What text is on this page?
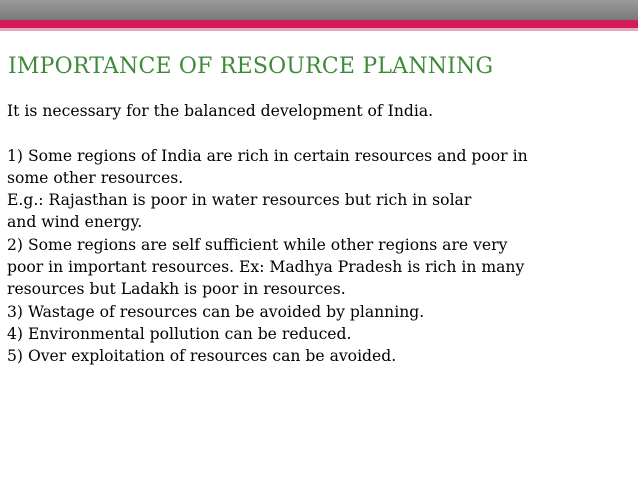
IMPORTANCE OF RESOURCE PLANNING

It is necessary for the balanced development of India.

1) Some regions of India are rich in certain resources and poor in

some other resources.

E.g.: Rajasthan is poor in water resources but rich in solar

and wind energy.

2) Some regions are self sufficient while other regions are very

poor in important resources. Ex: Madhya Pradesh is rich in many

resources but Ladakh is poor in resources.

3) Wastage of resources can be avoided by planning.

4) Environmental pollution can be reduced.

5) Over exploitation of resources can be avoided.
